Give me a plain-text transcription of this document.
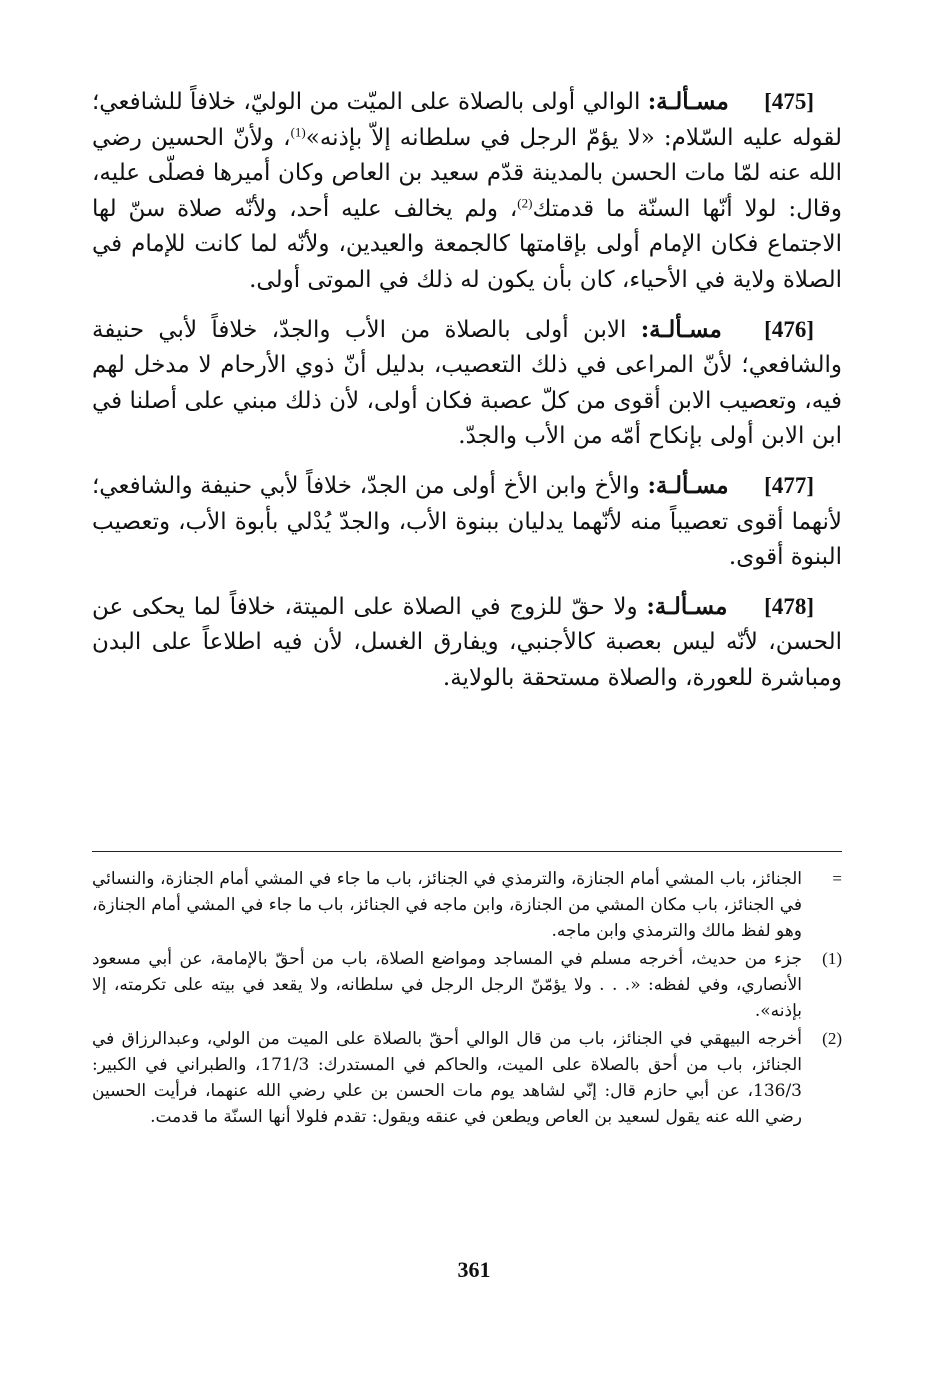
[475] مسـألـة: الوالي أولى بالصلاة على الميّت من الوليّ، خلافاً للشافعي؛ لقوله عليه السّلام: «لا يؤمّ الرجل في سلطانه إلاّ بإذنه»$^{(1)}$، ولأنّ الحسين رضي الله عنه لمّا مات الحسن بالمدينة قدّم سعيد بن العاص وكان أميرها فصلّى عليه، وقال: لولا أنّها السنّة ما قدمتك$^{(2)}$، ولم يخالف عليه أحد، ولأنّه صلاة سنّ لها الاجتماع فكان الإمام أولى بإقامتها كالجمعة والعيدين، ولأنّه لما كانت للإمام في الصلاة ولاية في الأحياء، كان بأن يكون له ذلك في الموتى أولى.

[476] مسـألـة: الابن أولى بالصلاة من الأب والجدّ، خلافاً لأبي حنيفة والشافعي؛ لأنّ المراعى في ذلك التعصيب، بدليل أنّ ذوي الأرحام لا مدخل لهم فيه، وتعصيب الابن أقوى من كلّ عصبة فكان أولى، لأن ذلك مبني على أصلنا في ابن الابن أولى بإنكاح أمّه من الأب والجدّ.

[477] مسـألـة: والأخ وابن الأخ أولى من الجدّ، خلافاً لأبي حنيفة والشافعي؛ لأنهما أقوى تعصيباً منه لأنّهما يدليان ببنوة الأب، والجدّ يُدْلي بأبوة الأب، وتعصيب البنوة أقوى.

[478] مسـألـة: ولا حقّ للزوج في الصلاة على الميتة، خلافاً لما يحكى عن الحسن، لأنّه ليس بعصبة كالأجنبي، ويفارق الغسل، لأن فيه اطلاعاً على البدن ومباشرة للعورة، والصلاة مستحقة بالولاية.

=
الجنائز، باب المشي أمام الجنازة، والترمذي في الجنائز، باب ما جاء في المشي أمام الجنازة، والنسائي في الجنائز، باب مكان المشي من الجنازة، وابن ماجه في الجنائز، باب ما جاء في المشي أمام الجنازة، وهو لفظ مالك والترمذي وابن ماجه.
(1)
جزء من حديث، أخرجه مسلم في المساجد ومواضع الصلاة، باب من أحقّ بالإمامة، عن أبي مسعود الأنصاري، وفي لفظه: «. . . ولا يؤمّنّ الرجل الرجل في سلطانه، ولا يقعد في بيته على تكرمته، إلا بإذنه».
(2)
أخرجه البيهقي في الجنائز، باب من قال الوالي أحقّ بالصلاة على الميت من الولي، وعبدالرزاق في الجنائز، باب من أحق بالصلاة على الميت، والحاكم في المستدرك: 171/3، والطبراني في الكبير: 136/3، عن أبي حازم قال: إنّي لشاهد يوم مات الحسن بن علي رضي الله عنهما، فرأيت الحسين رضي الله عنه يقول لسعيد بن العاص ويطعن في عنقه ويقول: تقدم فلولا أنها السنّة ما قدمت.
361
